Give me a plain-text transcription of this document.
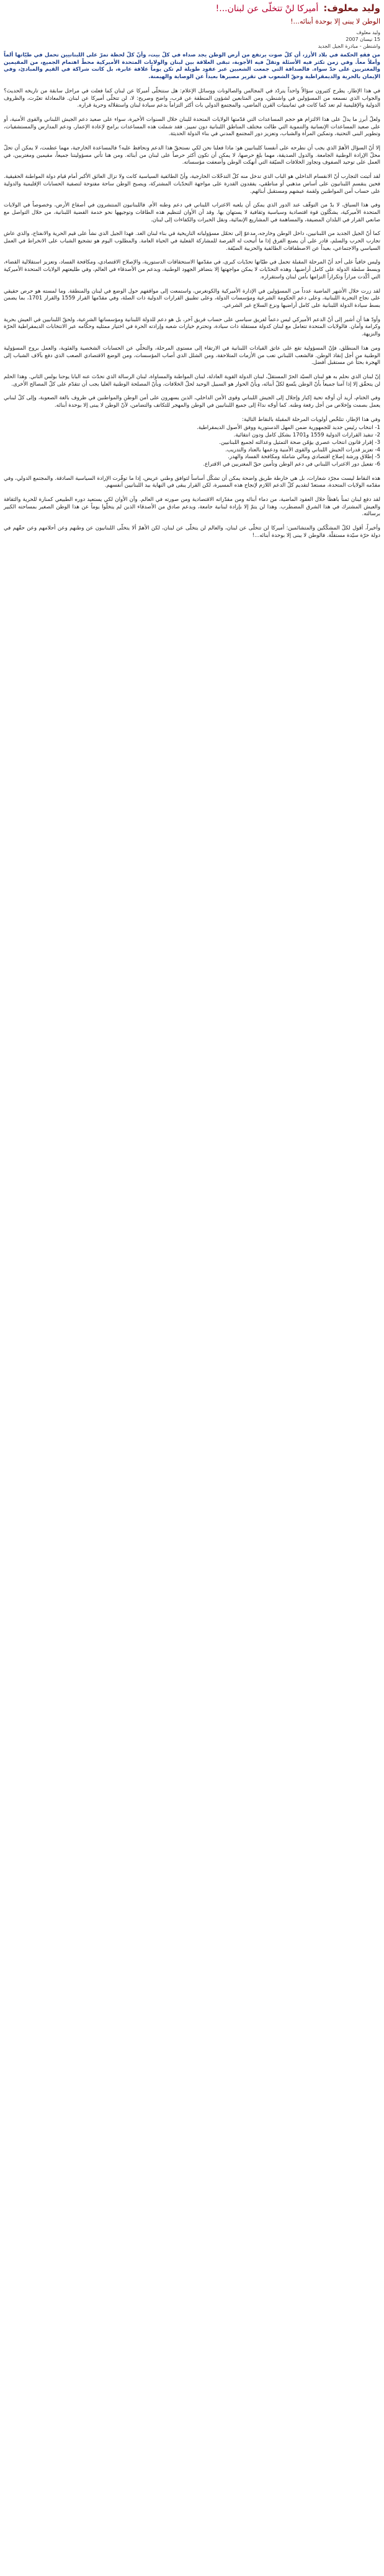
وليد معلوف:
أميركا لنْ تتخلّى عن لبنان...!
الوطن لا يبنى إلا بوحدة أبنائه...!
وليد معلوف
15 نيسان 2007
واشنطن - مبادرة الجيل الجديد

من فقهِ الحكمة في بلاد الأرز، أن كلّ صوت يرتفع من أرض الوطن يجد صداه في كلّ بيت، وأنّ كلّ لحظة تمرّ على اللبنانيين تحمل في طيّاتها ألماً وأملاً معاً. وفي زمن تكثر فيه الأسئلة وتقلّ فيه الأجوبة، تبقى العلاقة بين لبنان والولايات المتحدة الأميركية محطّ اهتمام الجميع، من المقيمين والمغتربين على حدّ سواء. فالصداقة التي جمعت الشعبين عبر عقود طويلة لم تكن يوماً علاقة عابرة، بل كانت شراكة في القيم والمبادئ، وفي الإيمان بالحرية والديمقراطية وحقّ الشعوب في تقرير مصيرها بعيداً عن الوصاية والهيمنة.

في هذا الإطار، يطرح كثيرون سؤالاً واحداً يتردّد في المجالس والصالونات ووسائل الإعلام: هل ستتخلّى أميركا عن لبنان كما فعلت في مراحل سابقة من تاريخه الحديث؟ والجواب الذي نسمعه من المسؤولين في واشنطن، ومن المتابعين لشؤون المنطقة عن قرب، واضح وصريح: لا، لن تتخلّى أميركا عن لبنان. فالمعادلة تغيّرت، والظروف الدولية والإقليمية لم تعد كما كانت في ثمانينيات القرن الماضي، والمجتمع الدولي بات أكثر التزاماً بدعم سيادة لبنان واستقلاله وحرية قراره.

ولعلّ أبرز ما يدلّ على هذا الالتزام هو حجم المساعدات التي قدّمتها الولايات المتحدة للبنان خلال السنوات الأخيرة، سواء على صعيد دعم الجيش اللبناني والقوى الأمنية، أو على صعيد المساعدات الإنسانية والتنموية التي طالت مختلف المناطق اللبنانية دون تمييز. فقد شملت هذه المساعدات برامج لإعادة الإعمار، ودعم المدارس والمستشفيات، وتطوير البنى التحتية، وتمكين المرأة والشباب، وتعزيز دور المجتمع المدني في بناء الدولة الحديثة.

إلا أنّ السؤال الأهمّ الذي يجب أن نطرحه على أنفسنا كلبنانيين هو: ماذا فعلنا نحن لكي نستحقّ هذا الدعم ونحافظ عليه؟ فالمساعدة الخارجية، مهما عظمت، لا يمكن أن تحلّ محلّ الإرادة الوطنية الجامعة. والدول الصديقة، مهما بلغ حرصها، لا يمكن أن تكون أكثر حرصاً على لبنان من أبنائه. ومن هنا تأتي مسؤوليتنا جميعاً، مقيمين ومغتربين، في العمل على توحيد الصفوف وتجاوز الخلافات الضيّقة التي أنهكت الوطن وأضعفت مؤسساته.

لقد أثبتت التجارب أنّ الانقسام الداخلي هو الباب الذي تدخل منه كلّ التدخّلات الخارجية، وأنّ الطائفية السياسية كانت ولا تزال العائق الأكبر أمام قيام دولة المواطنة الحقيقية. فحين ينقسم اللبنانيون على أساس مذهبي أو مناطقي، يفقدون القدرة على مواجهة التحدّيات المشتركة، ويصبح الوطن ساحة مفتوحة لتصفية الحسابات الإقليمية والدولية على حساب أمن المواطنين ولقمة عيشهم ومستقبل أبنائهم.

وفي هذا السياق، لا بدّ من التوقّف عند الدور الذي يمكن أن يلعبه الاغتراب اللبناني في دعم وطنه الأم. فاللبنانيون المنتشرون في أصقاع الأرض، وخصوصاً في الولايات المتحدة الأميركية، يشكّلون قوة اقتصادية وسياسية وثقافية لا يستهان بها. وقد آن الأوان لتنظيم هذه الطاقات وتوجيهها نحو خدمة القضية اللبنانية، من خلال التواصل مع صانعي القرار في البلدان المضيفة، والمساهمة في المشاريع الإنمائية، ونقل الخبرات والكفاءات إلى لبنان.

كما أنّ الجيل الجديد من اللبنانيين، داخل الوطن وخارجه، مدعوّ إلى تحمّل مسؤولياته التاريخية في بناء لبنان الغد. فهذا الجيل الذي نشأ على قيم الحرية والانفتاح، والذي عاش تجارب الحرب والسلم، قادر على أن يصنع الفرق إذا ما أُتيحت له الفرصة للمشاركة الفعلية في الحياة العامة. والمطلوب اليوم هو تشجيع الشباب على الانخراط في العمل السياسي والاجتماعي، بعيداً عن الاصطفافات الطائفية والحزبية الضيّقة.

وليس خافياً على أحد أنّ المرحلة المقبلة تحمل في طيّاتها تحدّيات كبرى، في مقدّمها الاستحقاقات الدستورية، والإصلاح الاقتصادي، ومكافحة الفساد، وتعزيز استقلالية القضاء، وبسط سلطة الدولة على كامل أراضيها. وهذه التحدّيات لا يمكن مواجهتها إلا بتضافر الجهود الوطنية، وبدعم من الأصدقاء في العالم، وفي طليعتهم الولايات المتحدة الأميركية التي أكّدت مراراً وتكراراً التزامها بأمن لبنان واستقراره.

لقد زرت خلال الأشهر الماضية عدداً من المسؤولين في الإدارة الأميركية والكونغرس، واستمعت إلى مواقفهم حول الوضع في لبنان والمنطقة. وما لمسته هو حرص حقيقي على نجاح التجربة اللبنانية، وعلى دعم الحكومة الشرعية ومؤسسات الدولة، وعلى تطبيق القرارات الدولية ذات الصلة، وفي مقدّمها القرار 1559 والقرار 1701، بما يضمن بسط سيادة الدولة اللبنانية على كامل أراضيها ونزع السلاح غير الشرعي.

وأودّ هنا أن أشير إلى أنّ الدعم الأميركي ليس دعماً لفريق سياسي على حساب فريق آخر، بل هو دعم للدولة اللبنانية ومؤسساتها الشرعية، ولحقّ اللبنانيين في العيش بحرية وكرامة وأمان. فالولايات المتحدة تتعامل مع لبنان كدولة مستقلة ذات سيادة، وتحترم خيارات شعبه وإرادته الحرة في اختيار ممثليه وحكّامه عبر الانتخابات الديمقراطية الحرّة والنزيهة.

ومن هذا المنطلق، فإنّ المسؤولية تقع على عاتق القيادات اللبنانية في الارتقاء إلى مستوى المرحلة، والتخلّي عن الحسابات الشخصية والفئوية، والعمل بروح المسؤولية الوطنية من أجل إنقاذ الوطن. فالشعب اللبناني تعب من الأزمات المتلاحقة، ومن الشلل الذي أصاب المؤسسات، ومن الوضع الاقتصادي الصعب الذي دفع بآلاف الشباب إلى الهجرة بحثاً عن مستقبل أفضل.

إنّ لبنان الذي نحلم به هو لبنان السيّد الحرّ المستقلّ، لبنان الدولة القوية العادلة، لبنان المواطنة والمساواة، لبنان الرسالة الذي تحدّث عنه البابا يوحنا بولس الثاني. وهذا الحلم لن يتحقّق إلا إذا آمنا جميعاً بأنّ الوطن يتّسع لكلّ أبنائه، وبأنّ الحوار هو السبيل الوحيد لحلّ الخلافات، وبأنّ المصلحة الوطنية العليا يجب أن تتقدّم على كلّ المصالح الأخرى.

وفي الختام، أريد أن أوجّه تحية إكبار وإجلال إلى الجيش اللبناني وقوى الأمن الداخلي، الذين يسهرون على أمن الوطن والمواطنين في ظروف بالغة الصعوبة، وإلى كلّ لبناني يعمل بصمت وإخلاص من أجل رفعة وطنه. كما أوجّه نداءً إلى جميع اللبنانيين في الوطن والمهجر للتكاتف والتضامن، لأنّ الوطن لا يبنى إلا بوحدة أبنائه.

وفي هذا الإطار، تتلخّص أولويات المرحلة المقبلة بالنقاط التالية:

1- انتخاب رئيس جديد للجمهورية ضمن المهل الدستورية ووفق الأصول الديمقراطية.
2- تنفيذ القرارات الدولية 1559 و1701 بشكل كامل ودون انتقائية.
3- إقرار قانون انتخاب عصري يؤمّن صحة التمثيل وعدالته لجميع اللبنانيين.
4- تعزيز قدرات الجيش اللبناني والقوى الأمنية ودعمها بالعتاد والتدريب.
5- إطلاق ورشة إصلاح اقتصادي ومالي شاملة ومكافحة الفساد والهدر.
6- تفعيل دور الاغتراب اللبناني في دعم الوطن وتأمين حقّ المغتربين في الاقتراع.

هذه النقاط ليست مجرّد شعارات، بل هي خارطة طريق واضحة يمكن أن تشكّل أساساً لتوافق وطني عريض، إذا ما توفّرت الإرادة السياسية الصادقة. والمجتمع الدولي، وفي مقدّمه الولايات المتحدة، مستعدّ لتقديم كلّ الدعم اللازم لإنجاح هذه المسيرة، لكن القرار يبقى في النهاية بيد اللبنانيين أنفسهم.

لقد دفع لبنان ثمناً باهظاً خلال العقود الماضية، من دماء أبنائه ومن مقدّراته الاقتصادية ومن صورته في العالم. وآن الأوان لكي يستعيد دوره الطبيعي كمنارة للحرية والثقافة والعيش المشترك في هذا الشرق المضطرب. وهذا لن يتمّ إلا بإرادة لبنانية جامعة، وبدعم صادق من الأصدقاء الذين لم يتخلّوا يوماً عن هذا الوطن الصغير بمساحته الكبير برسالته.

وأخيراً، أقول لكلّ المشكّكين والمتشائمين: أميركا لن تتخلّى عن لبنان، والعالم لن يتخلّى عن لبنان، لكن الأهمّ ألا يتخلّى اللبنانيون عن وطنهم وعن أحلامهم وعن حقّهم في دولة حرّة سيّدة مستقلّة. فالوطن لا يبنى إلا بوحدة أبنائه...!
